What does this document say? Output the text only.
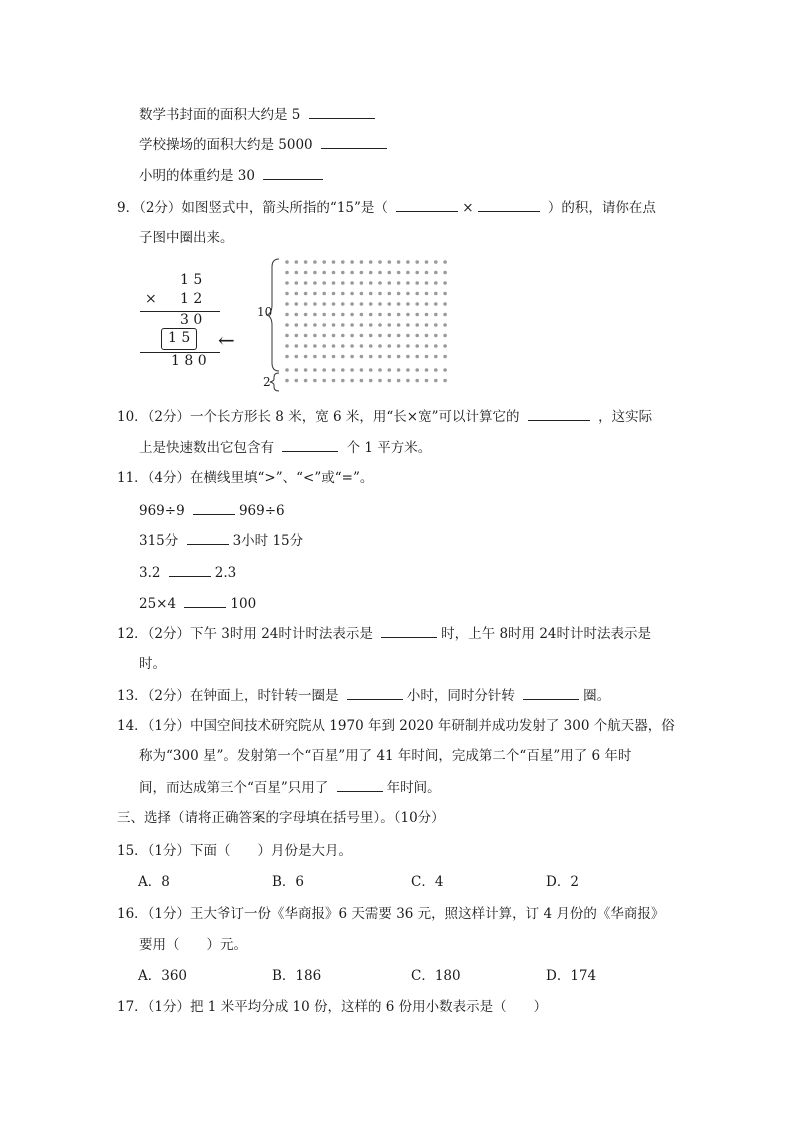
数学书封面的面积大约是 5
学校操场的面积大约是 5000
小明的体重约是 30
9．（2分）如图竖式中，箭头所指的“15”是（	×	）的积，请你在点
子图中圈出来。
1 5
× 1 2
3 0
1 5
1 8 0
←
10
2
10．（2分）一个长方形长 8 米，宽 6 米，用“长×宽”可以计算它的	，这实际
上是快速数出它包含有	个 1 平方米。
11．（4分）在横线里填“>”、“<”或“=”。
969÷9	969÷6
315分	3小时 15分
3.2	2.3
25×4	100
12．（2分）下午 3时用 24时计时法表示是	时，上午 8时用 24时计时法表示是
时。
13．（2分）在钟面上，时针转一圈是	小时，同时分针转	圈。
14．（1分）中国空间技术研究院从 1970 年到 2020 年研制并成功发射了 300 个航天器，俗
称为“300 星”。发射第一个“百星”用了 41 年时间，完成第二个“百星”用了 6 年时
间，而达成第三个“百星”只用了	年时间。
三、选择（请将正确答案的字母填在括号里）。（10分）
15．（1分）下面（　　）月份是大月。
A．8	B．6	C．4	D．2
16．（1分）王大爷订一份《华商报》6 天需要 36 元，照这样计算，订 4 月份的《华商报》
要用（　　）元。
A．360	B．186	C．180	D．174
17．（1分）把 1 米平均分成 10 份，这样的 6 份用小数表示是（　　）
